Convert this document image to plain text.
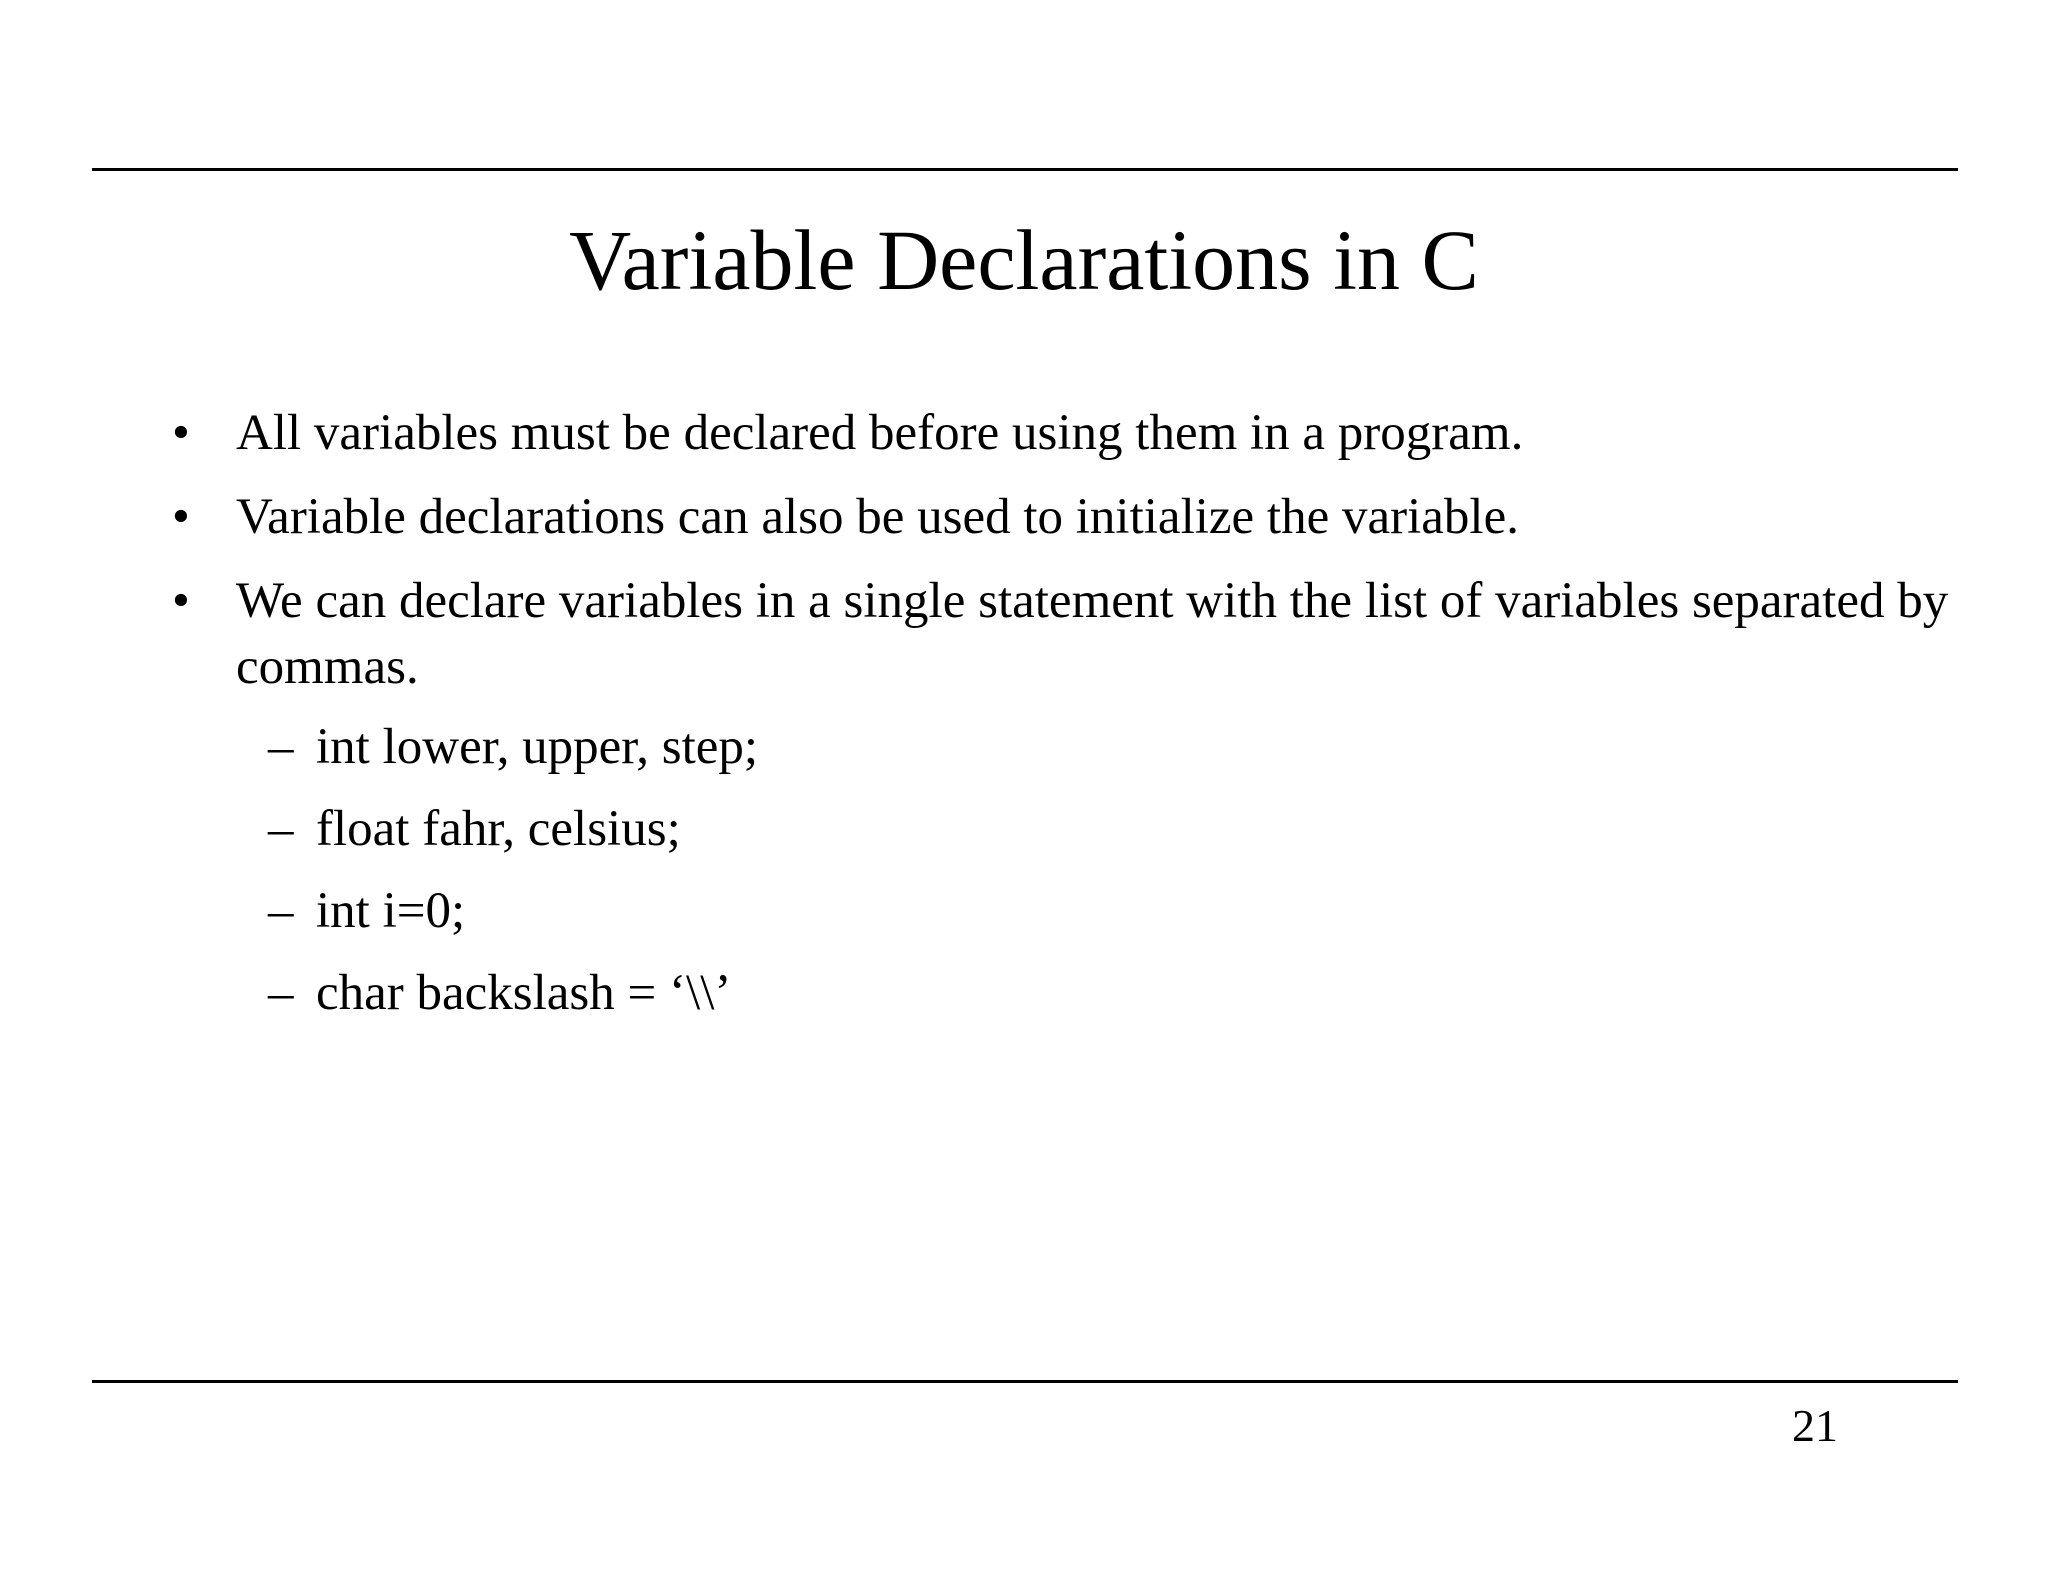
Variable Declarations in C
• All variables must be declared before using them in a program.
• Variable declarations can also be used to initialize the variable.
• We can declare variables in a single statement with the list of variables separated by commas.
– int lower, upper, step;
– float fahr, celsius;
– int i=0;
– char backslash = ‘\\’
21
